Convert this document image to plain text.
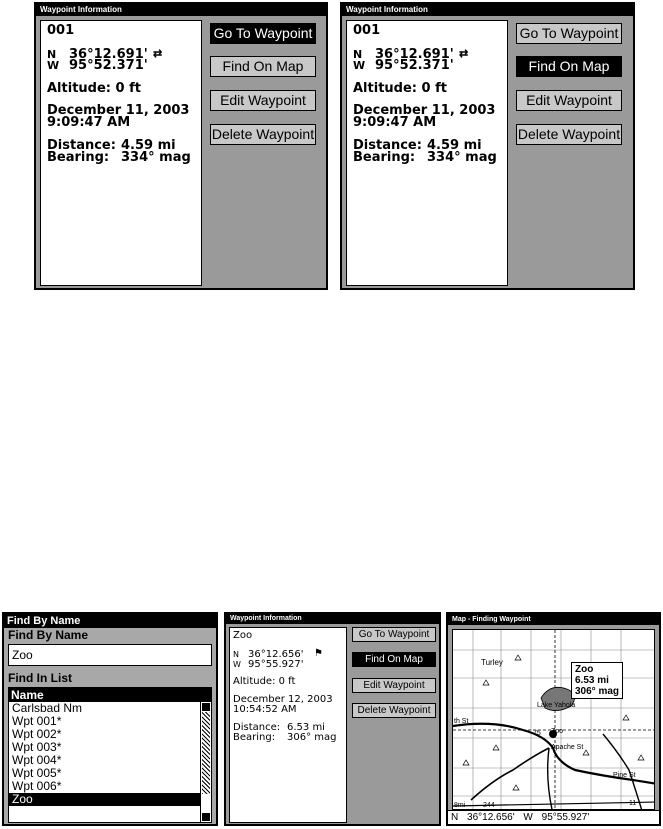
Waypoint Information
001
N 36°12.691'
W 95°52.371'
⇄
Altitude: 0 ft
December 11, 2003
9:09:47 AM
Distance: 4.59 mi
Bearing: 334° mag
Go To Waypoint
Find On Map
Edit Waypoint
Delete Waypoint
Waypoint Information
001
N 36°12.691'
W 95°52.371'
⇄
Altitude: 0 ft
December 11, 2003
9:09:47 AM
Distance: 4.59 mi
Bearing: 334° mag
Go To Waypoint
Find On Map
Edit Waypoint
Delete Waypoint
Find By Name
Find By Name
Zoo
Find In List
Name
Carlsbad Nm
Wpt 001*
Wpt 002*
Wpt 003*
Wpt 004*
Wpt 005*
Wpt 006*
Zoo
Waypoint Information
Zoo
N 36°12.656'
W 95°55.927'
⚑
Altitude: 0 ft
December 12, 2003
10:54:52 AM
Distance: 6.53 mi
Bearing: 306° mag
Go To Waypoint
Find On Map
Edit Waypoint
Delete Waypoint
Map - Finding Waypoint
Turley
Lake Yahola
Zoo
Apache St
Pine St
th St
75
11
244
8mi
Zoo
6.53 mi
306° mag
N 36°12.656' W 95°55.927'
